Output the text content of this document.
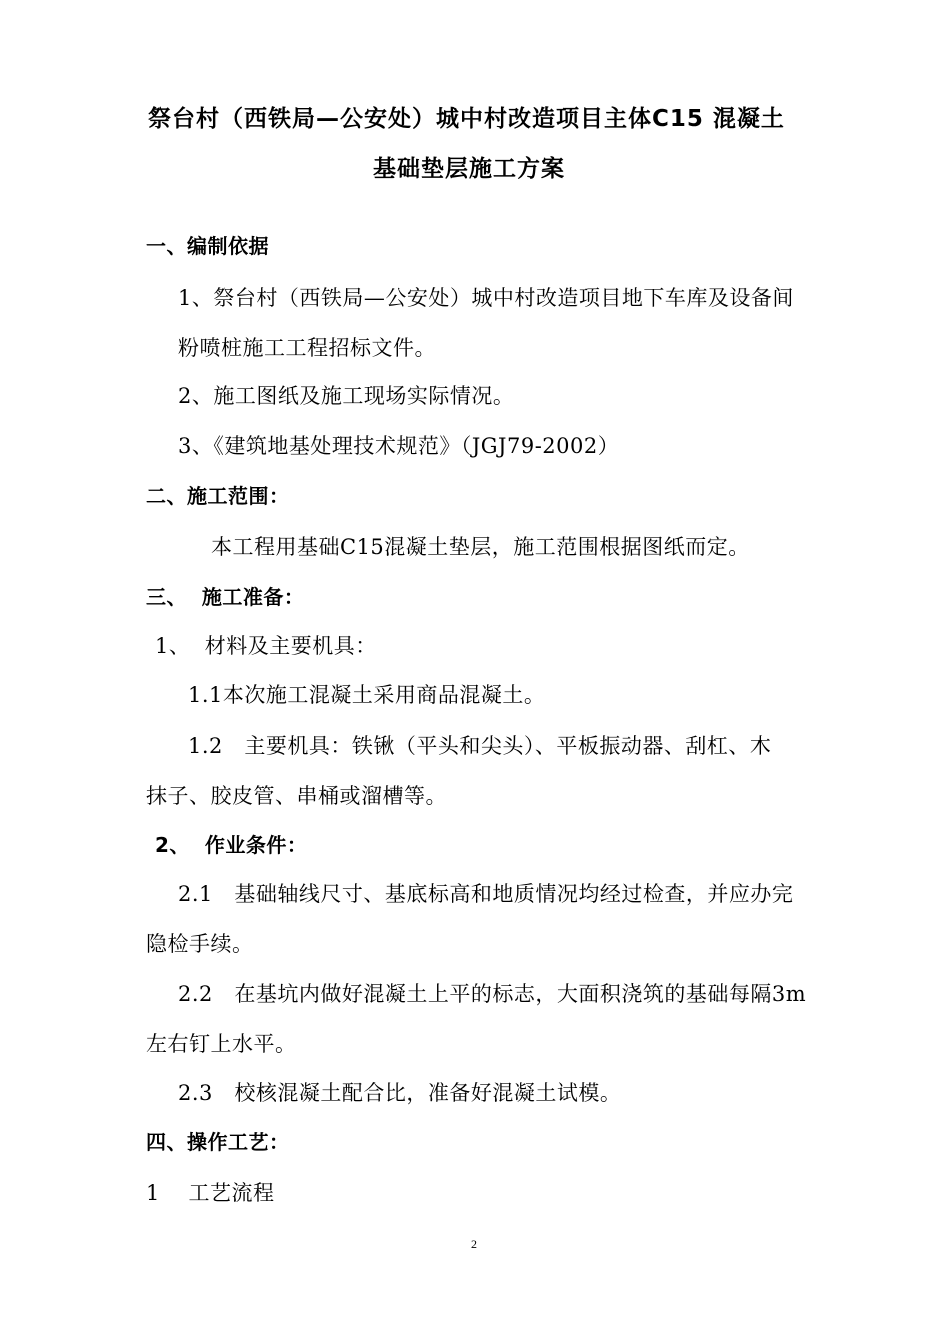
祭台村（西铁局—公安处）城中村改造项目主体C15 混凝土
基础垫层施工方案
一、编制依据
1、祭台村（西铁局—公安处）城中村改造项目地下车库及设备间
粉喷桩施工工程招标文件。
2、施工图纸及施工现场实际情况。
3、《建筑地基处理技术规范》（JGJ79-2002）
二、施工范围：
本工程用基础C15混凝土垫层，施工范围根据图纸而定。
三、  施工准备：
1、  材料及主要机具：
1.1本次施工混凝土采用商品混凝土。
1.2   主要机具：铁锹（平头和尖头）、平板振动器、刮杠、木
抹子、胶皮管、串桶或溜槽等。
2、  作业条件：
2.1   基础轴线尺寸、基底标高和地质情况均经过检查，并应办完
隐检手续。
2.2   在基坑内做好混凝土上平的标志，大面积浇筑的基础每隔3m
左右钉上水平。
2.3   校核混凝土配合比，准备好混凝土试模。
四、操作工艺：
1    工艺流程
2
